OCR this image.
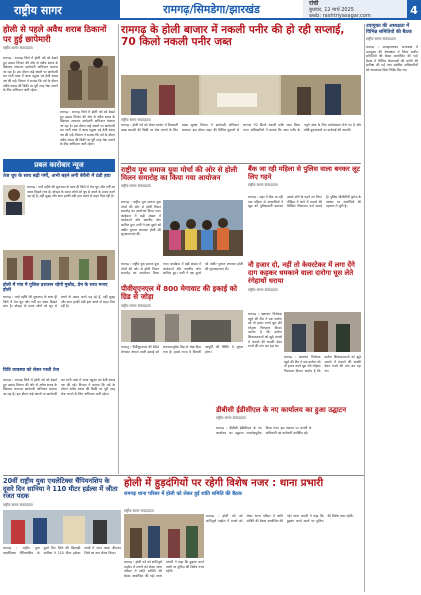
राष्ट्रीय सागर	रामगढ़/सिमडेगा/झारखंड	रांची
बुधवार, 12 मार्च 2025
web: rashtriyasagar.com	4
होली से पहले अवैध शराब ठिकानों पर हुई छापेमारी
राष्ट्रीय सागर संवाददाता
रामगढ़ : रामगढ़ जिले में होली पर्व को देखते हुए उत्पाद विभाग की ओर से अवैध शराब के खिलाफ लगातार छापेमारी अभियान चलाया जा रहा है। इस दौरान कई स्थानों पर छापेमारी कर भारी मात्रा में जावा महुआ एवं देसी शराब नष्ट की गई। विभाग ने बताया कि पर्व के दौरान अवैध शराब की बिक्री पर पूरी तरह रोक लगाने के लिए अभियान जारी रहेगा।
रामगढ़ : रामगढ़ जिले में होली पर्व को देखते हुए उत्पाद विभाग की ओर से अवैध शराब के खिलाफ लगातार छापेमारी अभियान चलाया जा रहा है। इस दौरान कई स्थानों पर छापेमारी कर भारी मात्रा में जावा महुआ एवं देसी शराब नष्ट की गई। विभाग ने बताया कि पर्व के दौरान अवैध शराब की बिक्री पर पूरी तरह रोक लगाने के लिए अभियान जारी रहेगा।
प्रबल कारोबार न्यूज
तेज धूप के साथ बढ़ी गर्मी, अभी बहने लगी बेचैनी में ठंडी हवा
रामगढ़ : मार्च महीने की शुरुआत के साथ ही जिले में तेज धूप और गर्मी का असर दिखने लगा है। दोपहर के समय लोगों को धूप से बचने के उपाय करने पड़ रहे हैं, वहीं सुबह और शाम हल्की ठंडी हवा चलने से राहत मिल रही है।
होली में गांव में पुलिस प्रशासन रहेगी मुस्तैद, प्रेम के साथ मनाए होली
रामगढ़ : मार्च महीने की शुरुआत के साथ ही जिले में तेज धूप और गर्मी का असर दिखने लगा है। दोपहर के समय लोगों को धूप से बचने के उपाय करने पड़ रहे हैं, वहीं सुबह और शाम हल्की ठंडी हवा चलने से राहत मिल रही है।
विधि व्यवस्था को लेकर गश्ती तेज
रामगढ़ : रामगढ़ जिले में होली पर्व को देखते हुए उत्पाद विभाग की ओर से अवैध शराब के खिलाफ लगातार छापेमारी अभियान चलाया जा रहा है। इस दौरान कई स्थानों पर छापेमारी कर भारी मात्रा में जावा महुआ एवं देसी शराब नष्ट की गई। विभाग ने बताया कि पर्व के दौरान अवैध शराब की बिक्री पर पूरी तरह रोक लगाने के लिए अभियान जारी रहेगा।
रामगढ़ के होली बाजार में नकली पनीर की हो रही सप्लाई, 70 किलो नकली पनीर जब्त
राष्ट्रीय सागर संवाददाता
रामगढ़ : होली पर्व को लेकर बाजार में मिलावटी खाद्य सामग्री की बिक्री पर रोक लगाने के लिए खाद्य सुरक्षा विभाग ने छापेमारी अभियान चलाया। इस दौरान शहर की विभिन्न दुकानों से लगभग 70 किलो नकली पनीर जब्त किया गया। अधिकारियों ने बताया कि जब्त पनीर के नमूने जांच के लिए प्रयोगशाला भेजे गए हैं और दोषी दुकानदारों पर कार्रवाई की जाएगी।
राष्ट्रीय यूथ समाज युवा मोर्चा की ओर से होली मिलन समारोह का किया गया आयोजन
राष्ट्रीय सागर संवाददाता
रामगढ़ : राष्ट्रीय यूथ समाज युवा मोर्चा की ओर से होली मिलन समारोह का आयोजन किया गया। कार्यक्रम में बड़ी संख्या में कार्यकर्ता और स्थानीय लोग शामिल हुए। सभी ने एक दूसरे को अबीर गुलाल लगाकर होली की शुभकामनाएं दीं।
रामगढ़ : राष्ट्रीय यूथ समाज युवा मोर्चा की ओर से होली मिलन समारोह का आयोजन किया गया। कार्यक्रम में बड़ी संख्या में कार्यकर्ता और स्थानीय लोग शामिल हुए। सभी ने एक दूसरे को अबीर गुलाल लगाकर होली की शुभकामनाएं दीं।
बैंक जा रही महिला से पुलिस वाला बनकर लूट लिए गहने
राष्ट्रीय सागर संवाददाता
रामगढ़ : शहर में बैंक जा रही एक महिला से अपराधियों ने खुद को पुलिसकर्मी बताकर उसके सोने के गहने ठग लिए। पीड़िता ने थाने में मामले की लिखित शिकायत दर्ज कराई है। पुलिस सीसीटीवी फुटेज के आधार पर आरोपियों की पहचान में जुटी है।
पीवीयूएनएल में 800 मेगावाट की इकाई को ग्रिड से जोड़ा
राष्ट्रीय सागर संवाददाता
नौ हजार दो, नहीं तो केयरटेकर में लगा देंगे दाग कहकर धमकाने वाला दारोगा घूस लेते रंगेहाथों धराया
राष्ट्रीय सागर संवाददाता
रामगढ़ : भ्रष्टाचार निरोधक ब्यूरो की टीम ने एक दारोगा को नौ हजार रुपये घूस लेते रंगेहाथ गिरफ्तार किया। आरोप है कि दारोगा शिकायतकर्ता को झूठे मामले में फंसाने की धमकी देकर रुपये की मांग कर रहा था।
पतरातू : पीवीयूएनएल की 800 मेगावाट क्षमता वाली इकाई को सफलतापूर्वक ग्रिड से जोड़ दिया गया है। इससे राज्य में बिजली आपूर्ति की स्थिति में सुधार होगा।
रामगढ़ : भ्रष्टाचार निरोधक ब्यूरो की टीम ने एक दारोगा को नौ हजार रुपये घूस लेते रंगेहाथ गिरफ्तार किया। आरोप है कि दारोगा शिकायतकर्ता को झूठे मामले में फंसाने की धमकी देकर रुपये की मांग कर रहा था।
डीबीसी ईडीसीएल के नए कार्यालय का हुआ उद्घाटन
राष्ट्रीय सागर संवाददाता
रामगढ़ : डीबीसी ईडीसीएल के नए कार्यालय का उद्घाटन समारोहपूर्वक किया गया। इस अवसर पर कंपनी के अधिकारी एवं कर्मचारी उपस्थित रहे।
उपायुक्त की अध्यक्षता में विभिन्न समितियों की बैठक
राष्ट्रीय सागर संवाददाता
रामगढ़ : समाहरणालय सभाकक्ष में उपायुक्त की अध्यक्षता में जिला स्तरीय समितियों की बैठक आयोजित की गई। बैठक में विभिन्न योजनाओं की प्रगति की समीक्षा की गई तथा संबंधित अधिकारियों को आवश्यक दिशा निर्देश दिए गए।
20वीं राष्ट्रीय युवा एथलेटिक्स चैंपियनशिप के दूसरे दिन सानिया ने 110 मीटर हर्डल्स में जीता रजत पदक
राष्ट्रीय सागर संवाददाता
रामगढ़ : राष्ट्रीय युवा एथलेटिक्स चैंपियनशिप के दूसरे दिन जिले की खिलाड़ी सानिया ने 110 मीटर हर्डल्स स्पर्धा में रजत पदक जीतकर जिले का नाम रोशन किया।
होली में हुड़दंगियों पर रहेगी विशेष नजर : थाना प्रभारी
रामगढ़ थाना परिसर में होली को लेकर हुई शांति समिति की बैठक
राष्ट्रीय सागर संवाददाता
रामगढ़ : होली पर्व को शांतिपूर्ण माहौल में मनाने को लेकर थाना परिसर में शांति समिति की बैठक आयोजित की गई। थाना प्रभारी ने कहा कि हुड़दंग करने वालों पर पुलिस की विशेष नजर रहेगी।
रामगढ़ : होली पर्व को शांतिपूर्ण माहौल में मनाने को लेकर थाना परिसर में शांति समिति की बैठक आयोजित की गई। थाना प्रभारी ने कहा कि हुड़दंग करने वालों पर पुलिस की विशेष नजर रहेगी।
